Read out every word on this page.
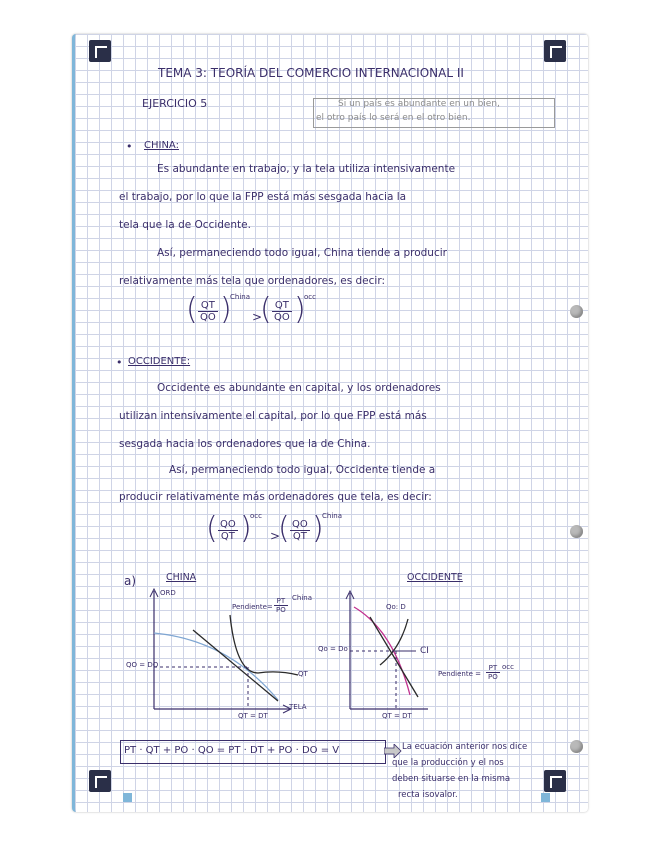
TEMA 3: TEORÍA DEL COMERCIO INTERNACIONAL II
EJERCICIO 5	Si un país es abundante en un bien,
el otro país lo será en el otro bien.
• CHINA:
Es abundante en trabajo, y la tela utiliza intensivamente
el trabajo, por lo que la FPP está más sesgada hacia la
tela que la de Occidente.
Así, permaneciendo todo igual, China tiende a producir
relativamente más tela que ordenadores, es decir:
( $\frac{QT}{QO}$ )
China
>
( $\frac{QT}{QO}$ )
occ
• OCCIDENTE:
Occidente es abundante en capital, y los ordenadores
utilizan intensivamente el capital, por lo que FPP está más
sesgada hacia los ordenadores que la de China.
Así, permaneciendo todo igual, Occidente tiende a
producir relativamente más ordenadores que tela, es decir:
( $\frac{QO}{QT}$ )
occ
>
( $\frac{QO}{QT}$ )
China
a)	CHINA	OCCIDENTE
ORD
TELA
QO = DO
QT
QT = DT
Pendiente= $\frac{PT}{PO}$ China
Qo: D
Qo = Do	CI
Pendiente = $\frac{PT}{PO}$ occ
QT = DT
PT · QT + PO · QO = PT · DT + PO · DO = V	La ecuación anterior nos dice
que la producción y el nos
deben situarse en la misma
recta isovalor.
